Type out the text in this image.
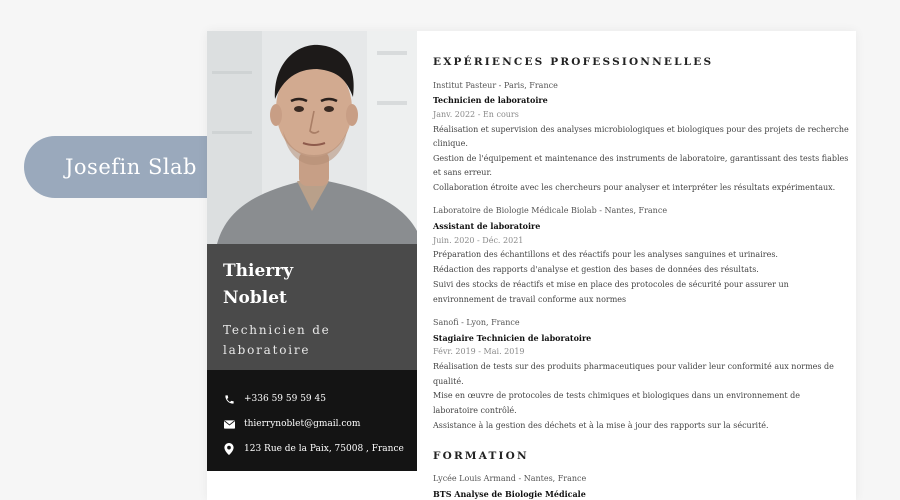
Josefin Slab
Thierry
Noblet
Technicien de
laboratoire
+336 59 59 59 45
thierrynoblet@gmail.com
123 Rue de la Paix, 75008 , France
EXPÉRIENCES PROFESSIONNELLES
Institut Pasteur - Paris, France
Technicien de laboratoire
Janv. 2022 - En cours
Réalisation et supervision des analyses microbiologiques et biologiques pour des projets de recherche
clinique.
Gestion de l'équipement et maintenance des instruments de laboratoire, garantissant des tests fiables
et sans erreur.
Collaboration étroite avec les chercheurs pour analyser et interpréter les résultats expérimentaux.
Laboratoire de Biologie Médicale Biolab - Nantes, France
Assistant de laboratoire
Juin. 2020 - Déc. 2021
Préparation des échantillons et des réactifs pour les analyses sanguines et urinaires.
Rédaction des rapports d'analyse et gestion des bases de données des résultats.
Suivi des stocks de réactifs et mise en place des protocoles de sécurité pour assurer un
environnement de travail conforme aux normes
Sanofi - Lyon, France
Stagiaire Technicien de laboratoire
Févr. 2019 - Mai. 2019
Réalisation de tests sur des produits pharmaceutiques pour valider leur conformité aux normes de
qualité.
Mise en œuvre de protocoles de tests chimiques et biologiques dans un environnement de
laboratoire contrôlé.
Assistance à la gestion des déchets et à la mise à jour des rapports sur la sécurité.
FORMATION
Lycée Louis Armand - Nantes, France
BTS Analyse de Biologie Médicale
